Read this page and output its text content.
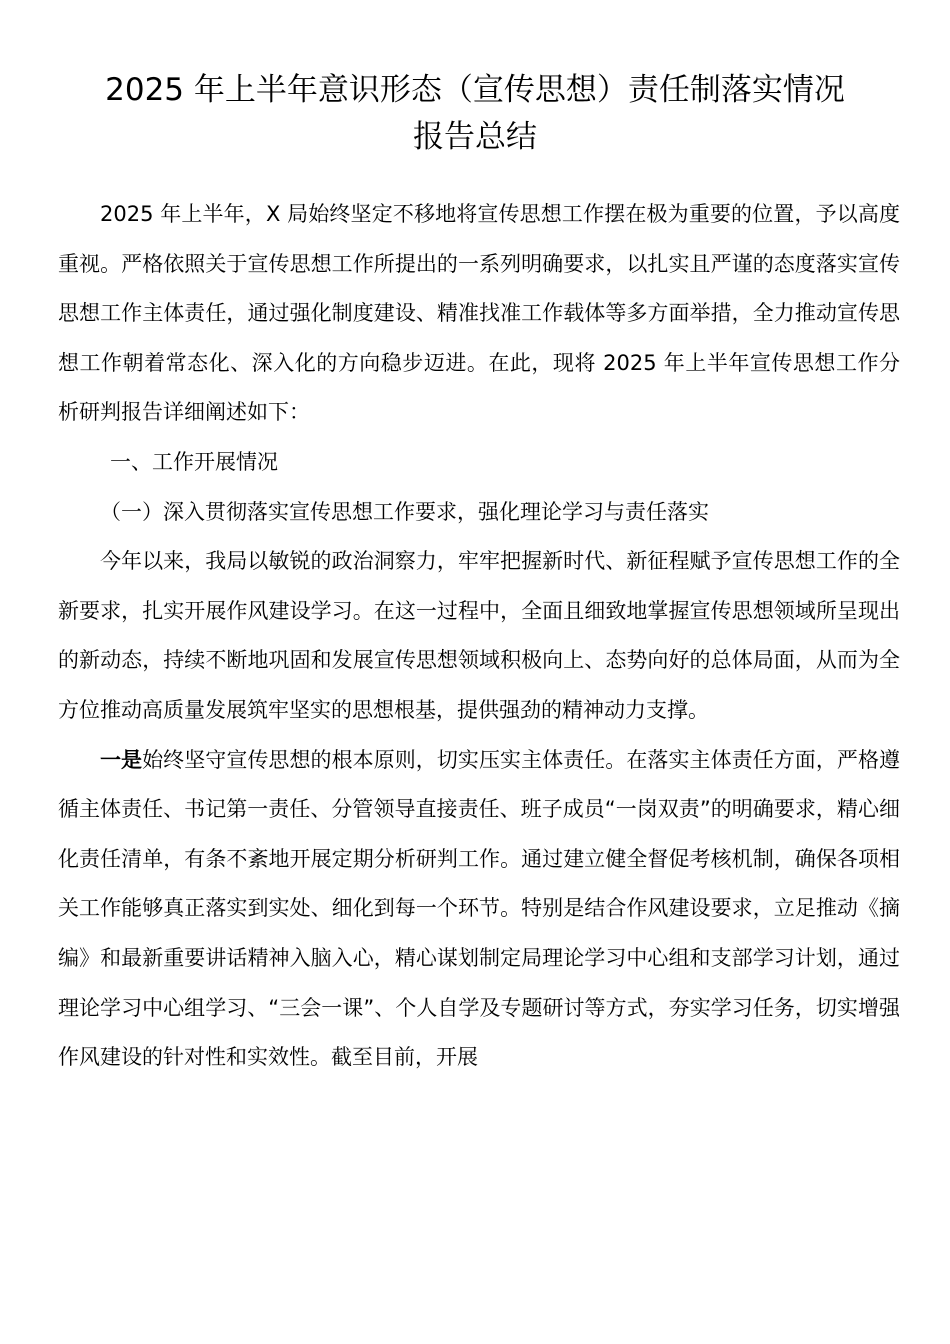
2025 年上半年意识形态（宣传思想）责任制落实情况
报告总结

2025 年上半年，X 局始终坚定不移地将宣传思想工作摆在极为重要的位置，予以高度重视。严格依照关于宣传思想工作所提出的一系列明确要求，以扎实且严谨的态度落实宣传思想工作主体责任，通过强化制度建设、精准找准工作载体等多方面举措，全力推动宣传思想工作朝着常态化、深入化的方向稳步迈进。在此，现将 2025 年上半年宣传思想工作分析研判报告详细阐述如下：

一、工作开展情况

（一）深入贯彻落实宣传思想工作要求，强化理论学习与责任落实

今年以来，我局以敏锐的政治洞察力，牢牢把握新时代、新征程赋予宣传思想工作的全新要求，扎实开展作风建设学习。在这一过程中，全面且细致地掌握宣传思想领域所呈现出的新动态，持续不断地巩固和发展宣传思想领域积极向上、态势向好的总体局面，从而为全方位推动高质量发展筑牢坚实的思想根基，提供强劲的精神动力支撑。

一是始终坚守宣传思想的根本原则，切实压实主体责任。在落实主体责任方面，严格遵循主体责任、书记第一责任、分管领导直接责任、班子成员“一岗双责”的明确要求，精心细化责任清单，有条不紊地开展定期分析研判工作。通过建立健全督促考核机制，确保各项相关工作能够真正落实到实处、细化到每一个环节。特别是结合作风建设要求，立足推动《摘编》和最新重要讲话精神入脑入心，精心谋划制定局理论学习中心组和支部学习计划，通过理论学习中心组学习、“三会一课”、个人自学及专题研讨等方式，夯实学习任务，切实增强作风建设的针对性和实效性。截至目前，开展
